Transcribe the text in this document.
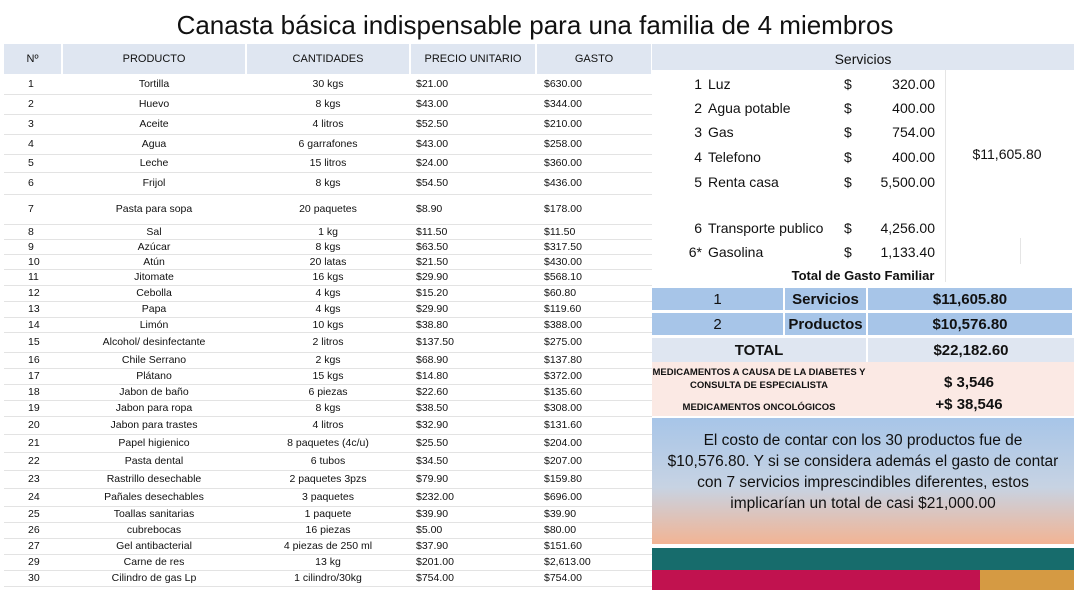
Canasta básica indispensable para una familia de 4 miembros
Nº	PRODUCTO	CANTIDADES	PRECIO UNITARIO	GASTO
1	Tortilla	30 kgs	$21.00	$630.00
2	Huevo	8 kgs	$43.00	$344.00
3	Aceite	4 litros	$52.50	$210.00
4	Agua	6 garrafones	$43.00	$258.00
5	Leche	15 litros	$24.00	$360.00
6	Frijol	8 kgs	$54.50	$436.00
7	Pasta para sopa	20 paquetes	$8.90	$178.00
8	Sal	1 kg	$11.50	$11.50
9	Azúcar	8 kgs	$63.50	$317.50
10	Atún	20 latas	$21.50	$430.00
11	Jitomate	16 kgs	$29.90	$568.10
12	Cebolla	4 kgs	$15.20	$60.80
13	Papa	4 kgs	$29.90	$119.60
14	Limón	10 kgs	$38.80	$388.00
15	Alcohol/ desinfectante	2 litros	$137.50	$275.00
16	Chile Serrano	2 kgs	$68.90	$137.80
17	Plátano	15 kgs	$14.80	$372.00
18	Jabon de baño	6 piezas	$22.60	$135.60
19	Jabon para ropa	8 kgs	$38.50	$308.00
20	Jabon para trastes	4 litros	$32.90	$131.60
21	Papel higienico	8 paquetes (4c/u)	$25.50	$204.00
22	Pasta dental	6 tubos	$34.50	$207.00
23	Rastrillo desechable	2 paquetes 3pzs	$79.90	$159.80
24	Pañales desechables	3 paquetes	$232.00	$696.00
25	Toallas sanitarias	1 paquete	$39.90	$39.90
26	cubrebocas	16 piezas	$5.00	$80.00
27	Gel antibacterial	4 piezas de 250 ml	$37.90	$151.60
29	Carne de res	13 kg	$201.00	$2,613.00
30	Cilindro de gas Lp	1 cilindro/30kg	$754.00	$754.00
Servicios
1 Luz	$	320.00
2 Agua potable	$	400.00
3 Gas	$	754.00
4 Telefono	$	400.00
5 Renta casa	$	5,500.00
6 Transporte publico $	4,256.00
6* Gasolina	$	1,133.40
$11,605.80
Total de Gasto Familiar
1	Servicios	$11,605.80
2	Productos	$10,576.80
TOTAL	$22,182.60
MEDICAMENTOS A CAUSA DE LA DIABETES Y CONSULTA DE ESPECIALISTA	$ 3,546
MEDICAMENTOS ONCOLÓGICOS	+$ 38,546
El costo de contar con los 30 productos fue de $10,576.80. Y si se considera además el gasto de contar con 7 servicios imprescindibles diferentes, estos implicarían un total de casi $21,000.00
